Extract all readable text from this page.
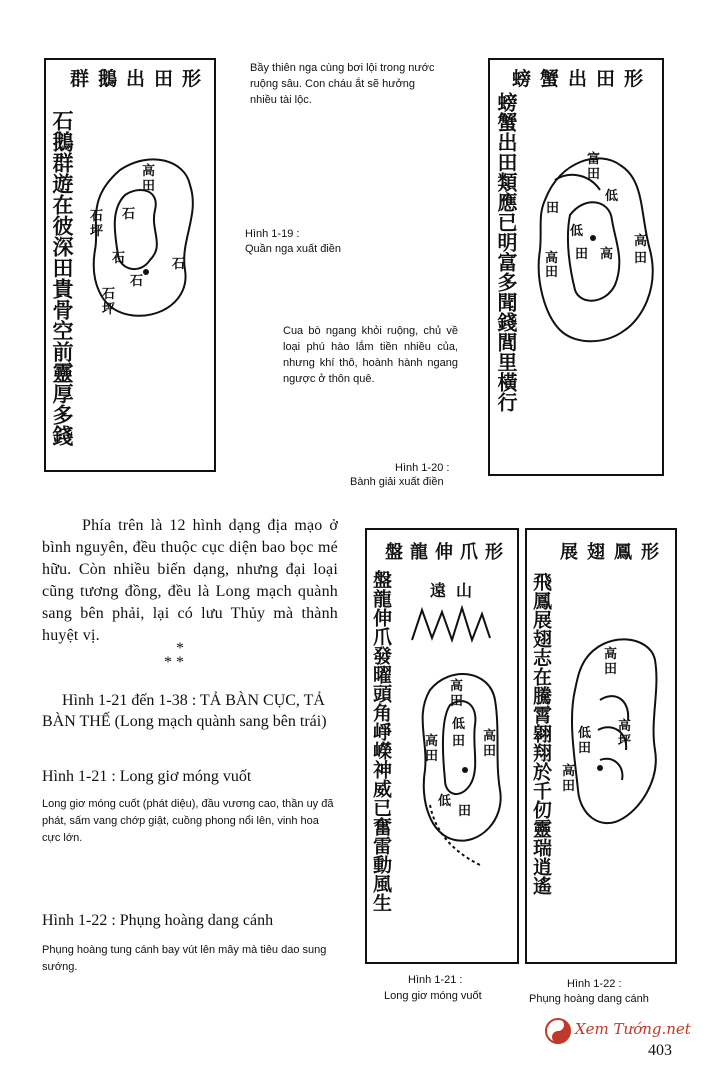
形田出鵝群
石鵝群遊在彼深田貴骨空前靈厚多錢	高
田
石
石
坪
石
石
石
石
坪
Bầy thiên nga cùng bơi lội trong nước ruộng sâu. Con cháu ắt sẽ hưởng nhiều tài lộc.
Hình 1-19 :
Quần nga xuất điền
形田出蟹螃
螃蟹出田類應已明富多聞錢閭里橫行	富
田
田
低
低
田 高
高
田
高
田
Cua bò ngang khỏi ruộng, chủ về loại phú hào lắm tiền nhiều của, nhưng khí thô, hoành hành ngang ngược ở thôn quê.
Hình 1-20 :
Bành giải xuất điền
Phía trên là 12 hình dạng địa mạo ở bình nguyên, đều thuộc cục diện bao bọc mé hữu. Còn nhiều biến dạng, nhưng đại loại cũng tương đồng, đều là Long mạch quành sang bên phải, lại có lưu Thủy mà thành huyệt vị.
*
* *
Hình 1-21 đến 1-38 : TẢ BÀN CỤC, TẢ
BÀN THẾ (Long mạch quành sang bên trái)
Hình 1-21 : Long giơ móng vuốt
Long giơ móng cuốt (phát diệu), đầu vương cao, thần uy đã phát, sấm vang chớp giật, cuồng phong nổi lên, vinh hoa cực lớn.
Hình 1-22 : Phụng hoàng dang cánh
Phụng hoàng tung cánh bay vút lên mây mà tiêu dao sung sướng.
形爪伸龍盤
山遠
盤龍伸爪發曜頭角崢嶸神威已奮雷動風生	高
田
低
田
高
田
高
田
低
田
Hình 1-21 :
Long giơ móng vuốt
形鳳翅展
飛鳳展翅志在騰霄翱翔於千仞靈瑞逍遙	高
田
低
田
高
坪
高
田
Hình 1-22 :
Phụng hoàng dang cánh
Xem Tướng.net
403
